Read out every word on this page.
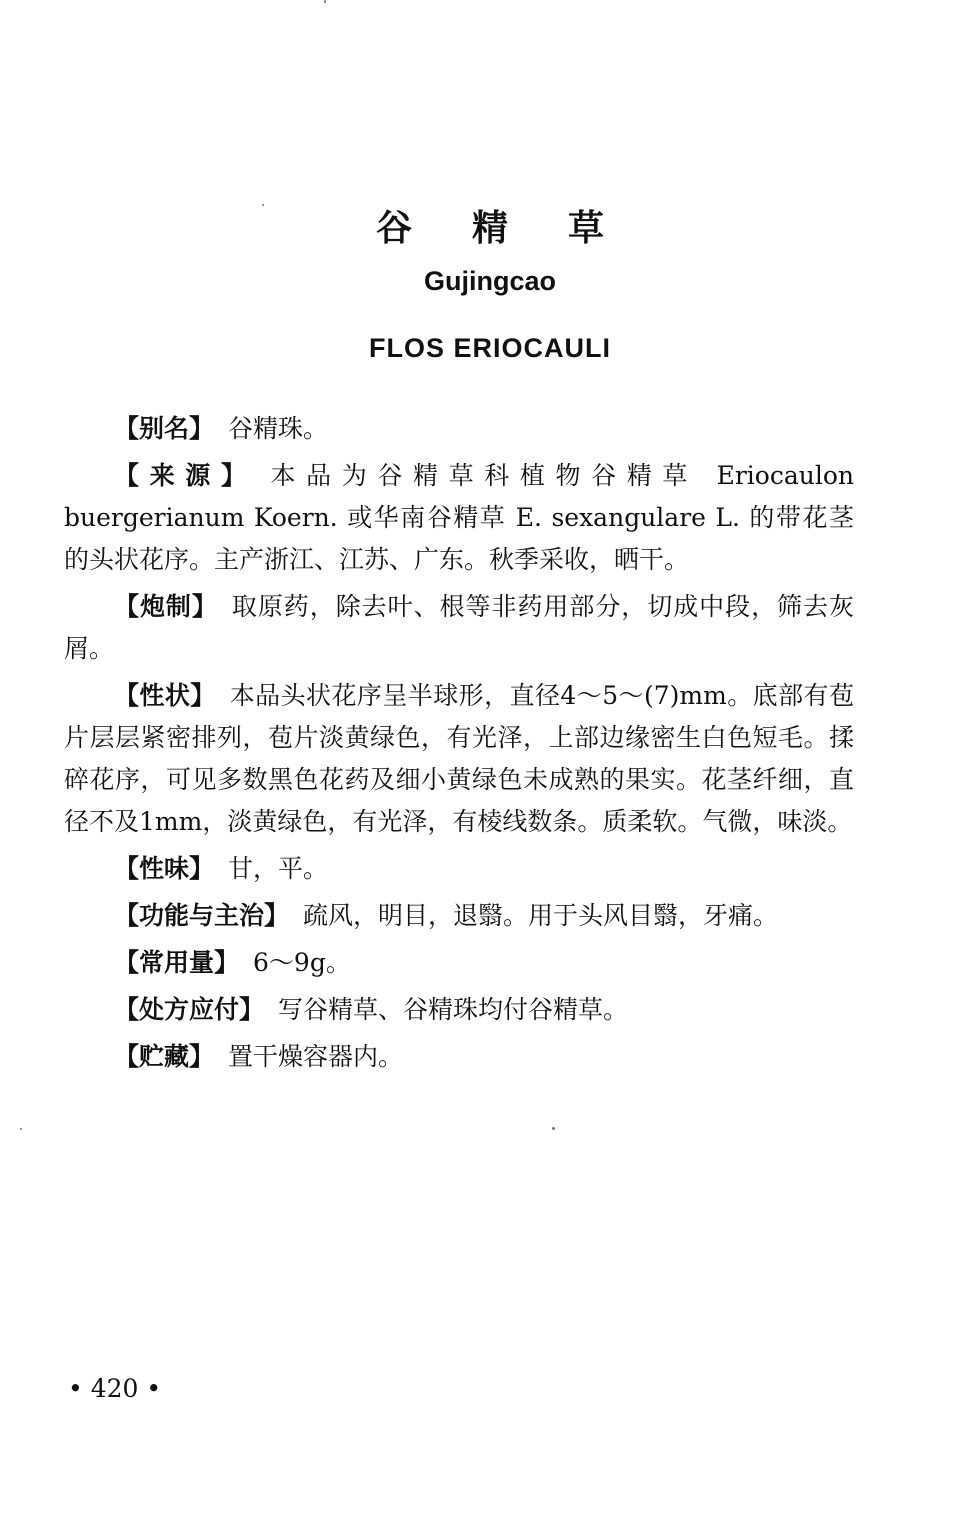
谷精草
Gujingcao
FLOS ERIOCAULI

【别名】 谷精珠。

【来源】 本品为谷精草科植物谷精草 Eriocaulon buergerianum Koern. 或华南谷精草 E. sexangulare L. 的带花茎的头状花序。主产浙江、江苏、广东。秋季采收，晒干。

【炮制】 取原药，除去叶、根等非药用部分，切成中段，筛去灰屑。

【性状】 本品头状花序呈半球形，直径4～5～(7)mm。底部有苞片层层紧密排列，苞片淡黄绿色，有光泽，上部边缘密生白色短毛。揉碎花序，可见多数黑色花药及细小黄绿色未成熟的果实。花茎纤细，直径不及1mm，淡黄绿色，有光泽，有棱线数条。质柔软。气微，味淡。

【性味】 甘，平。

【功能与主治】 疏风，明目，退翳。用于头风目翳，牙痛。

【常用量】 6～9g。

【处方应付】 写谷精草、谷精珠均付谷精草。

【贮藏】 置干燥容器内。

• 420 •
